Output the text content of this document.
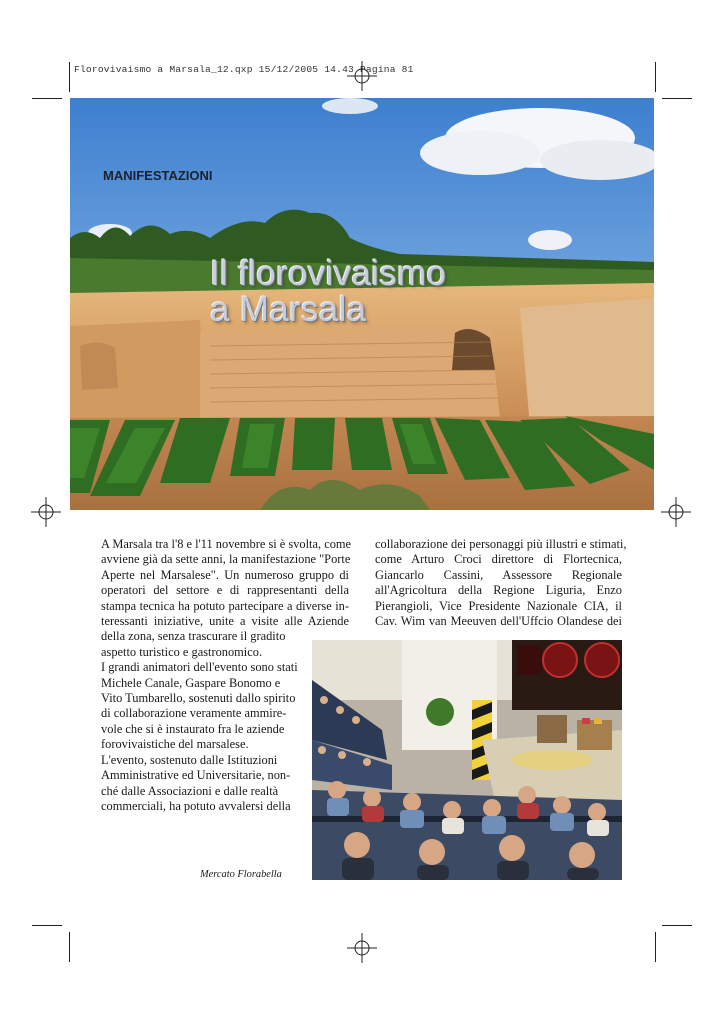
Florovivaismo a Marsala_12.qxp 15/12/2005 14.43 Pagina 81
MANIFESTAZIONI
Il florovivaismo
a Marsala
A Marsala tra l'8 e l'11 novembre si è svolta, come
avviene già da sette anni, la manifestazione "Porte
Aperte nel Marsalese". Un numeroso gruppo di
operatori del settore e di rappresentanti della
stampa tecnica ha potuto partecipare a diverse in-
teressanti iniziative, unite a visite alle Aziende
della zona, senza trascurare il gradito
aspetto turistico e gastronomico.
I grandi animatori dell'evento sono stati
Michele Canale, Gaspare Bonomo e
Vito Tumbarello, sostenuti dallo spirito
di collaborazione veramente ammire-
vole che si è instaurato fra le aziende
forovivaistiche del marsalese.
L'evento, sostenuto dalle Istituzioni
Amministrative ed Universitarie, non-
ché dalle Associazioni e dalle realtà
commerciali, ha potuto avvalersi della
collaborazione dei personaggi più illustri e stimati,
come Arturo Croci direttore di Flortecnica,
Giancarlo Cassini, Assessore Regionale
all'Agricoltura della Regione Liguria, Enzo
Pierangioli, Vice Presidente Nazionale CIA, il
Cav. Wim van Meeuven dell'Uffcio Olandese dei
Mercato Florabella
